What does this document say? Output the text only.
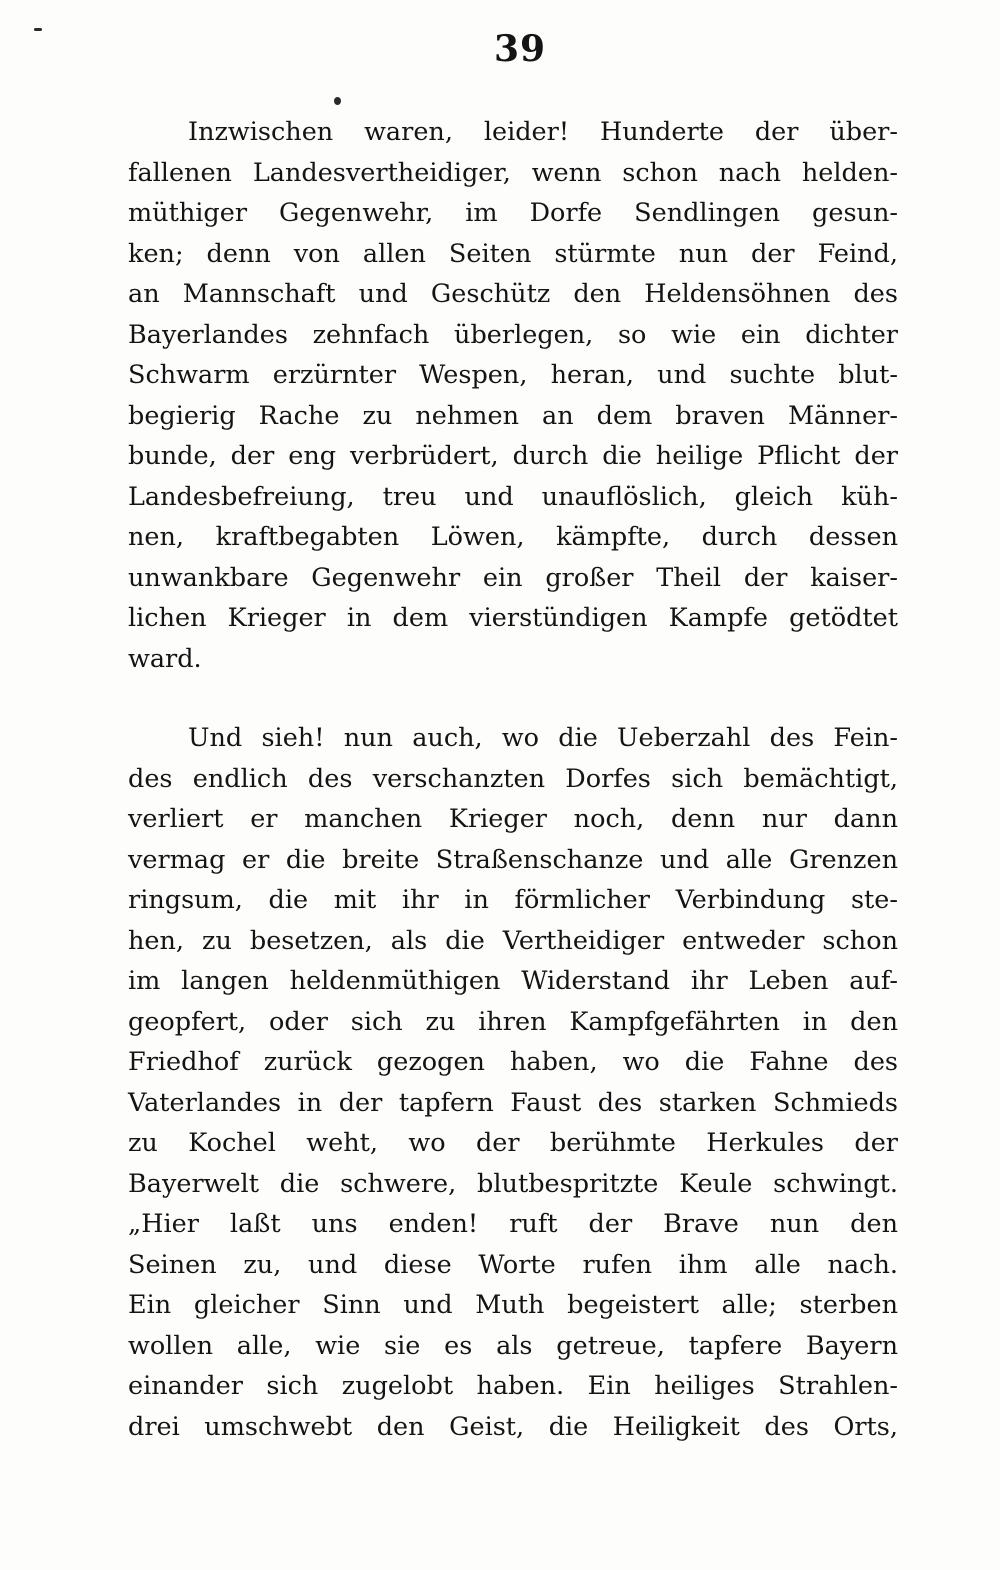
39
Inzwischen waren, leider! Hunderte der über-
fallenen Landesvertheidiger, wenn schon nach helden-
müthiger Gegenwehr, im Dorfe Sendlingen gesun-
ken; denn von allen Seiten stürmte nun der Feind,
an Mannschaft und Geschütz den Heldensöhnen des
Bayerlandes zehnfach überlegen, so wie ein dichter
Schwarm erzürnter Wespen, heran, und suchte blut-
begierig Rache zu nehmen an dem braven Männer-
bunde, der eng verbrüdert, durch die heilige Pflicht der
Landesbefreiung, treu und unauflöslich, gleich küh-
nen, kraftbegabten Löwen, kämpfte, durch dessen
unwankbare Gegenwehr ein großer Theil der kaiser-
lichen Krieger in dem vierstündigen Kampfe getödtet
ward.
Und sieh! nun auch, wo die Ueberzahl des Fein-
des endlich des verschanzten Dorfes sich bemächtigt,
verliert er manchen Krieger noch, denn nur dann
vermag er die breite Straßenschanze und alle Grenzen
ringsum, die mit ihr in förmlicher Verbindung ste-
hen, zu besetzen, als die Vertheidiger entweder schon
im langen heldenmüthigen Widerstand ihr Leben auf-
geopfert, oder sich zu ihren Kampfgefährten in den
Friedhof zurück gezogen haben, wo die Fahne des
Vaterlandes in der tapfern Faust des starken Schmieds
zu Kochel weht, wo der berühmte Herkules der
Bayerwelt die schwere, blutbespritzte Keule schwingt.
„Hier laßt uns enden! ruft der Brave nun den
Seinen zu, und diese Worte rufen ihm alle nach.
Ein gleicher Sinn und Muth begeistert alle; sterben
wollen alle, wie sie es als getreue, tapfere Bayern
einander sich zugelobt haben. Ein heiliges Strahlen-
drei umschwebt den Geist, die Heiligkeit des Orts,
